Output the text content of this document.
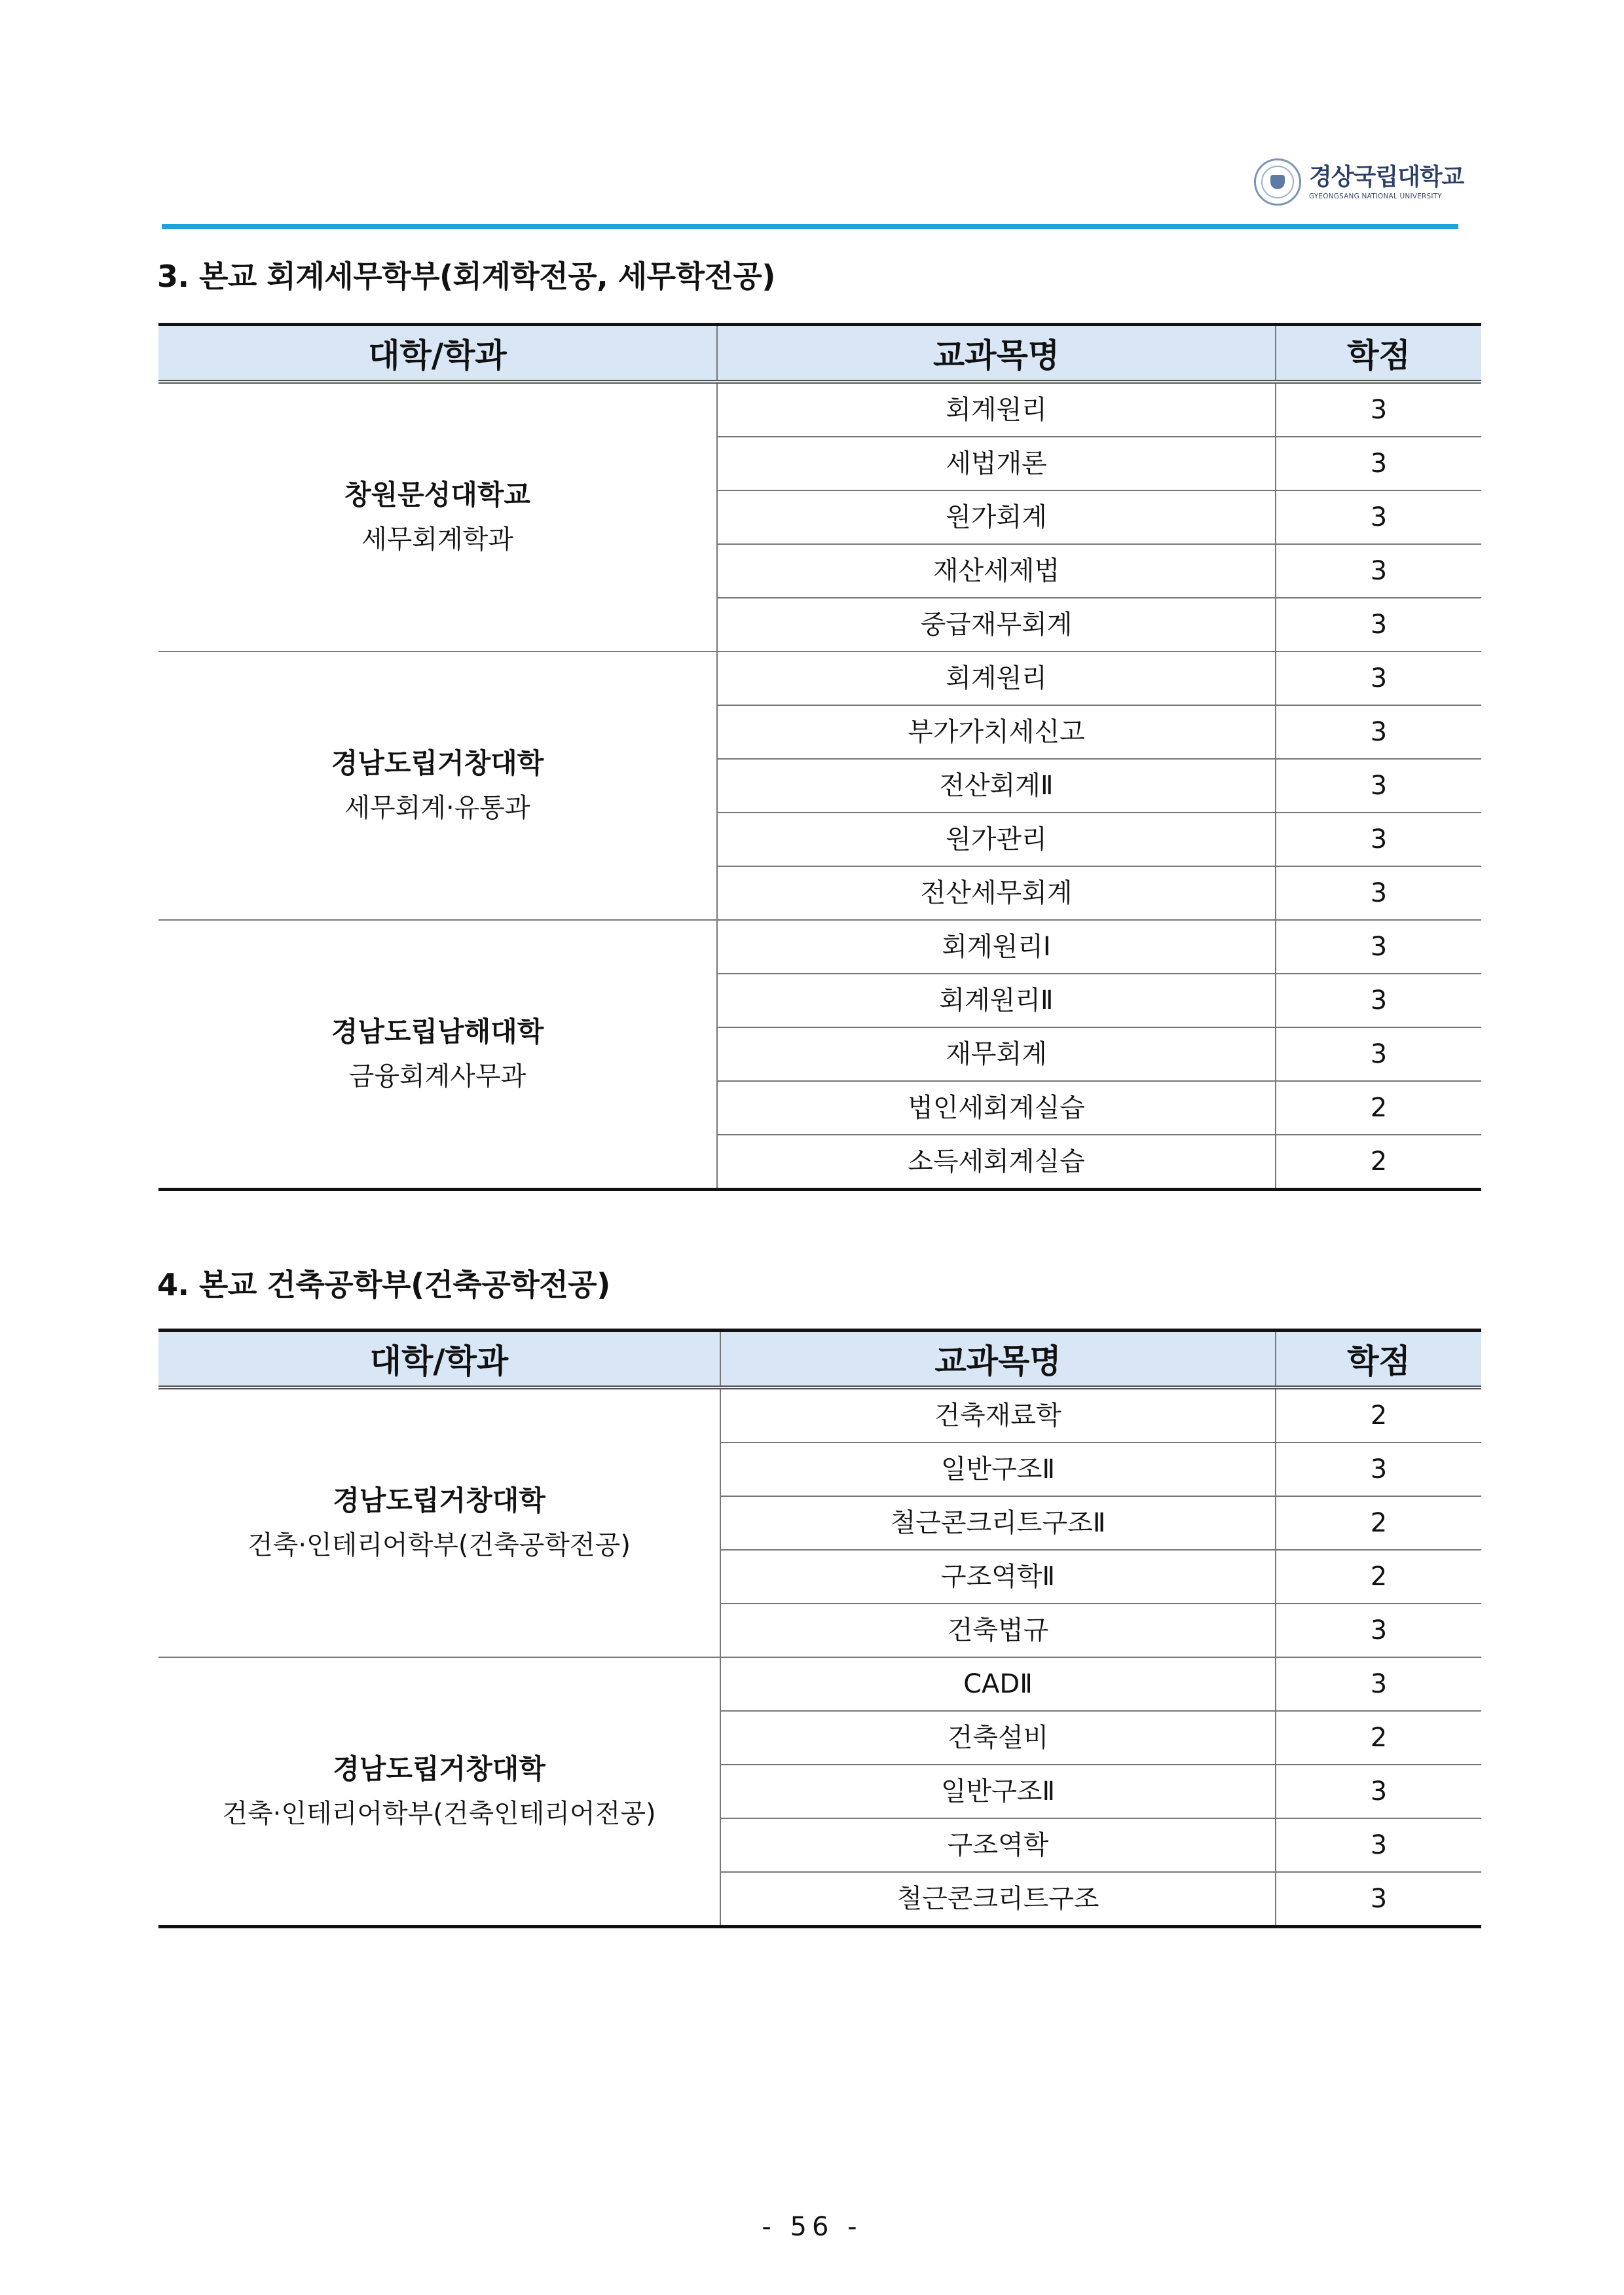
경상국립대학교
GYEONGSANG NATIONAL UNIVERSITY
3. 본교 회계세무학부(회계학전공, 세무학전공)
대학/학과	교과목명	학점

창원문성대학교
세무회계학과	회계원리	3
	세법개론	3
	원가회계	3
	재산세제법	3
	중급재무회계	3

경남도립거창대학
세무회계·유통과	회계원리	3
	부가가치세신고	3
	전산회계Ⅱ	3
	원가관리	3
	전산세무회계	3

경남도립남해대학
금융회계사무과	회계원리Ⅰ	3
	회계원리Ⅱ	3
	재무회계	3
	법인세회계실습	2
	소득세회계실습	2
4. 본교 건축공학부(건축공학전공)
대학/학과	교과목명	학점

경남도립거창대학
건축·인테리어학부(건축공학전공)	건축재료학	2
	일반구조Ⅱ	3
	철근콘크리트구조Ⅱ	2
	구조역학Ⅱ	2
	건축법규	3

경남도립거창대학
건축·인테리어학부(건축인테리어전공)	CADⅡ	3
	건축설비	2
	일반구조Ⅱ	3
	구조역학	3
	철근콘크리트구조	3
- 56 -
